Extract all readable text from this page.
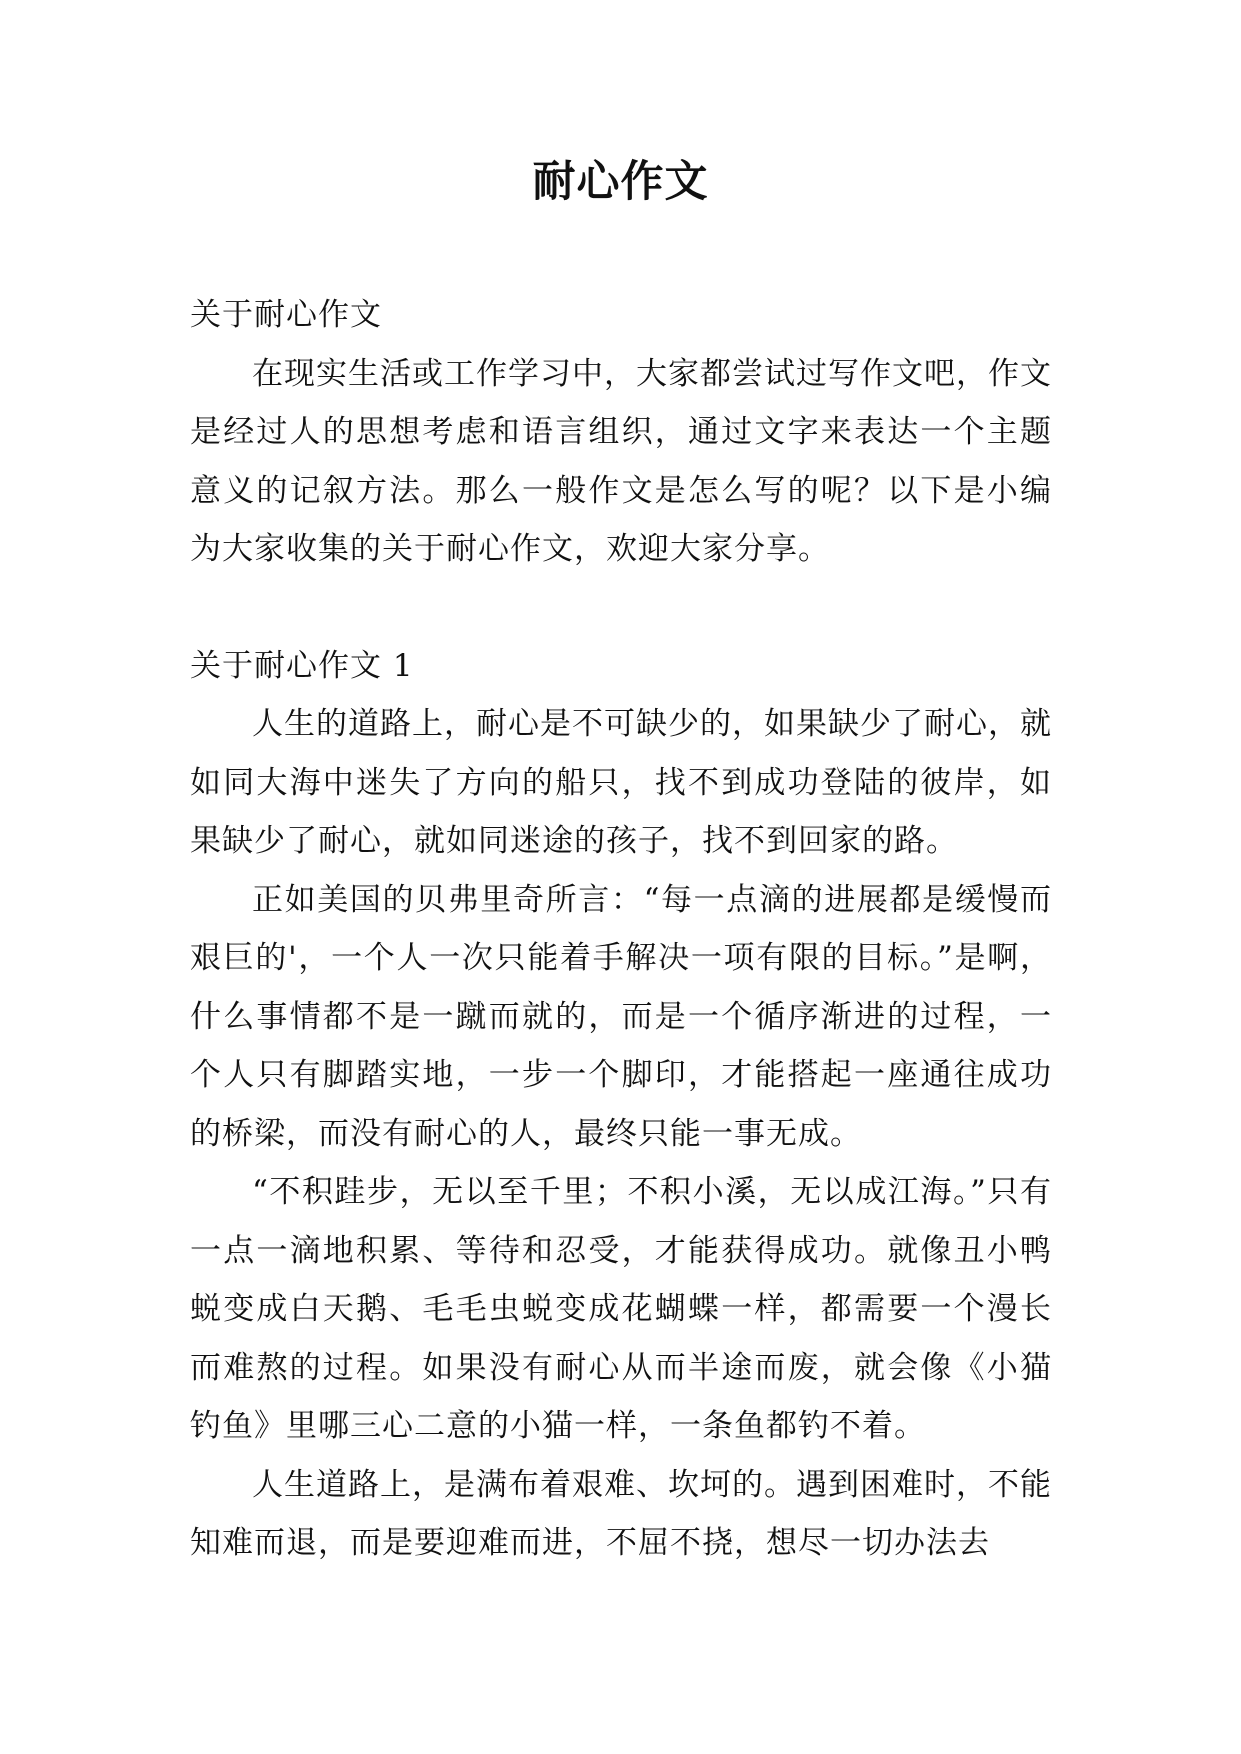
耐心作文

关于耐心作文

在现实生活或工作学习中，大家都尝试过写作文吧，作文是经过人的思想考虑和语言组织，通过文字来表达一个主题意义的记叙方法。那么一般作文是怎么写的呢？以下是小编为大家收集的关于耐心作文，欢迎大家分享。

关于耐心作文 1

人生的道路上，耐心是不可缺少的，如果缺少了耐心，就如同大海中迷失了方向的船只，找不到成功登陆的彼岸，如果缺少了耐心，就如同迷途的孩子，找不到回家的路。

正如美国的贝弗里奇所言：“每一点滴的进展都是缓慢而艰巨的'，一个人一次只能着手解决一项有限的目标。”是啊，什么事情都不是一蹴而就的，而是一个循序渐进的过程，一个人只有脚踏实地，一步一个脚印，才能搭起一座通往成功的桥梁，而没有耐心的人，最终只能一事无成。

“不积跬步，无以至千里；不积小溪，无以成江海。”只有一点一滴地积累、等待和忍受，才能获得成功。就像丑小鸭蜕变成白天鹅、毛毛虫蜕变成花蝴蝶一样，都需要一个漫长而难熬的过程。如果没有耐心从而半途而废，就会像《小猫钓鱼》里哪三心二意的小猫一样，一条鱼都钓不着。

人生道路上，是满布着艰难、坎坷的。遇到困难时，不能知难而退，而是要迎难而进，不屈不挠，想尽一切办法去
